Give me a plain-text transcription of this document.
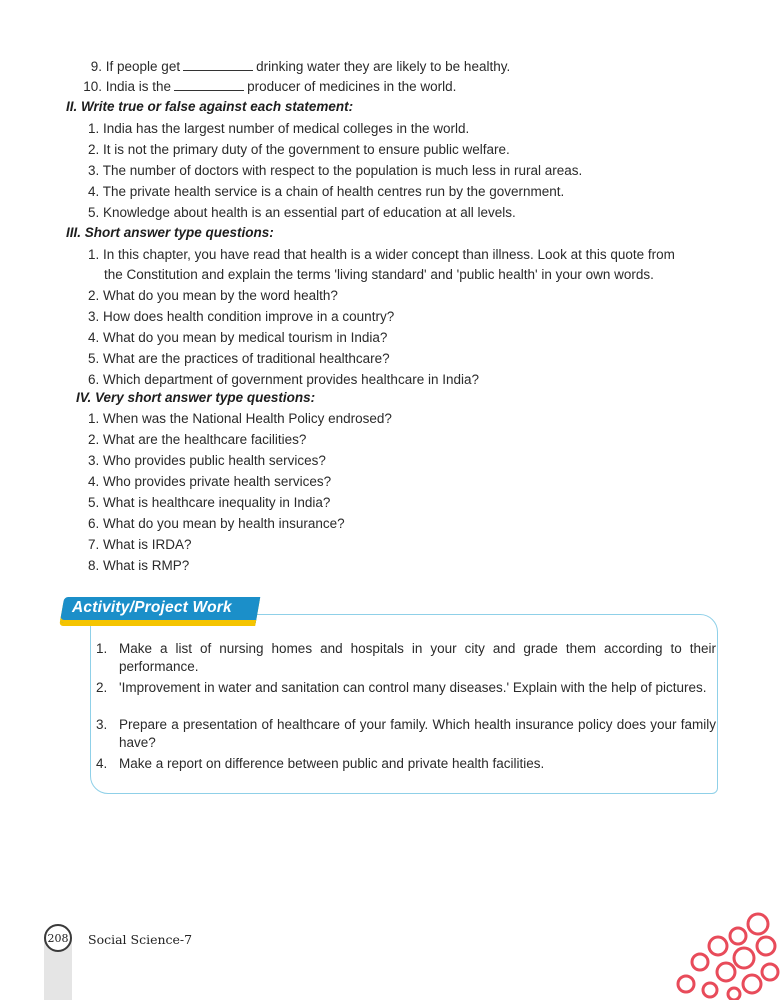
9. If people get	drinking water they are likely to be healthy.
10. India is the	producer of medicines in the world.
II. Write true or false against each statement:
1. India has the largest number of medical colleges in the world.
2. It is not the primary duty of the government to ensure public welfare.
3. The number of doctors with respect to the population is much less in rural areas.
4. The private health service is a chain of health centres run by the government.
5. Knowledge about health is an essential part of education at all levels.
III. Short answer type questions:
1. In this chapter, you have read that health is a wider concept than illness. Look at this quote from
the Constitution and explain the terms 'living standard' and 'public health' in your own words.
2. What do you mean by the word health?
3. How does health condition improve in a country?
4. What do you mean by medical tourism in India?
5. What are the practices of traditional healthcare?
6. Which department of government provides healthcare in India?
IV. Very short answer type questions:
1. When was the National Health Policy endrosed?
2. What are the healthcare facilities?
3. Who provides public health services?
4. Who provides private health services?
5. What is healthcare inequality in India?
6. What do you mean by health insurance?
7. What is IRDA?
8. What is RMP?
Activity/Project Work
1. Make a list of nursing homes and hospitals in your city and grade them according to their performance.
2. 'Improvement in water and sanitation can control many diseases.' Explain with the help of pictures.
3. Prepare a presentation of healthcare of your family. Which health insurance policy does your family have?
4. Make a report on difference between public and private health facilities.
208 Social Science-7
